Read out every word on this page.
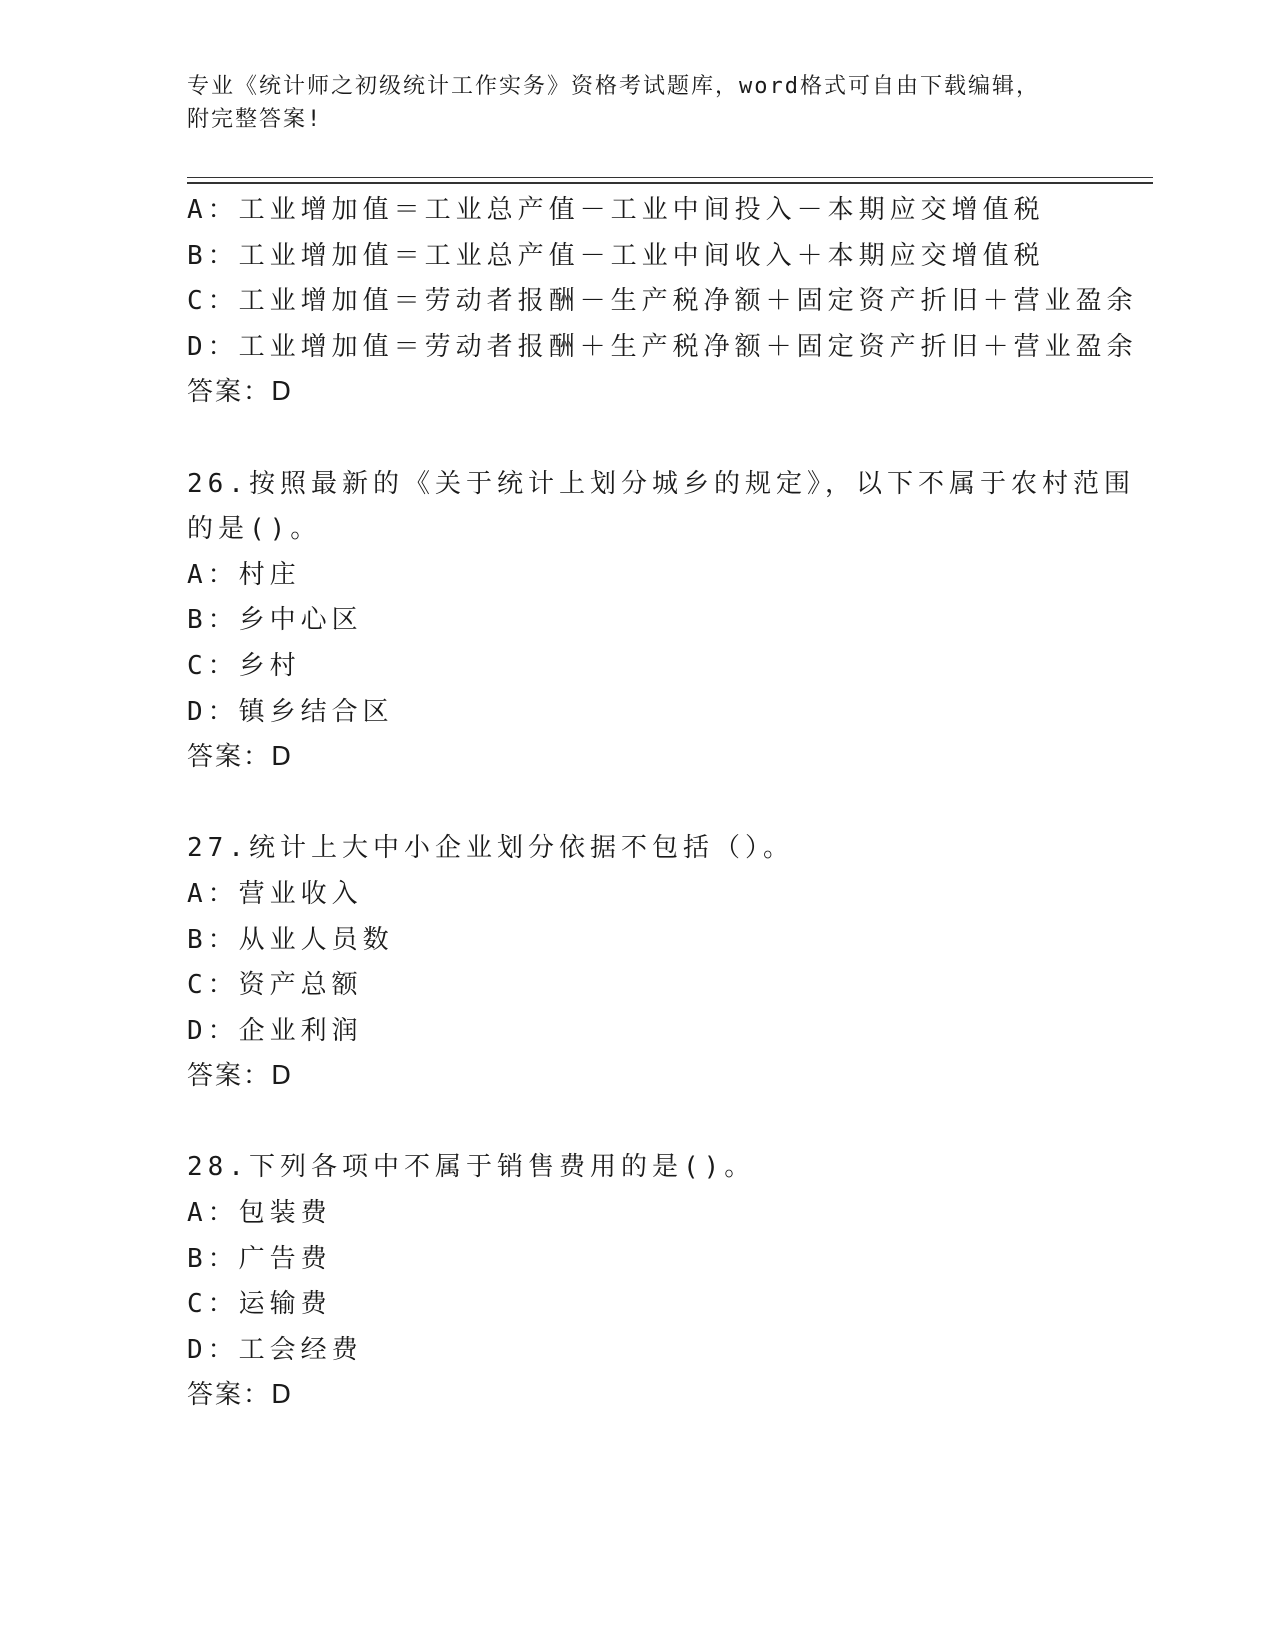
专业《统计师之初级统计工作实务》资格考试题库，word格式可自由下载编辑，
附完整答案!
A：工业增加值＝工业总产值－工业中间投入－本期应交增值税
B：工业增加值＝工业总产值－工业中间收入＋本期应交增值税
C：工业增加值＝劳动者报酬－生产税净额＋固定资产折旧＋营业盈余
D：工业增加值＝劳动者报酬＋生产税净额＋固定资产折旧＋营业盈余
答案：D
26.按照最新的《关于统计上划分城乡的规定》，以下不属于农村范围
的是()。
A：村庄
B：乡中心区
C：乡村
D：镇乡结合区
答案：D
27.统计上大中小企业划分依据不包括（）。
A：营业收入
B：从业人员数
C：资产总额
D：企业利润
答案：D
28.下列各项中不属于销售费用的是()。
A：包装费
B：广告费
C：运输费
D：工会经费
答案：D
